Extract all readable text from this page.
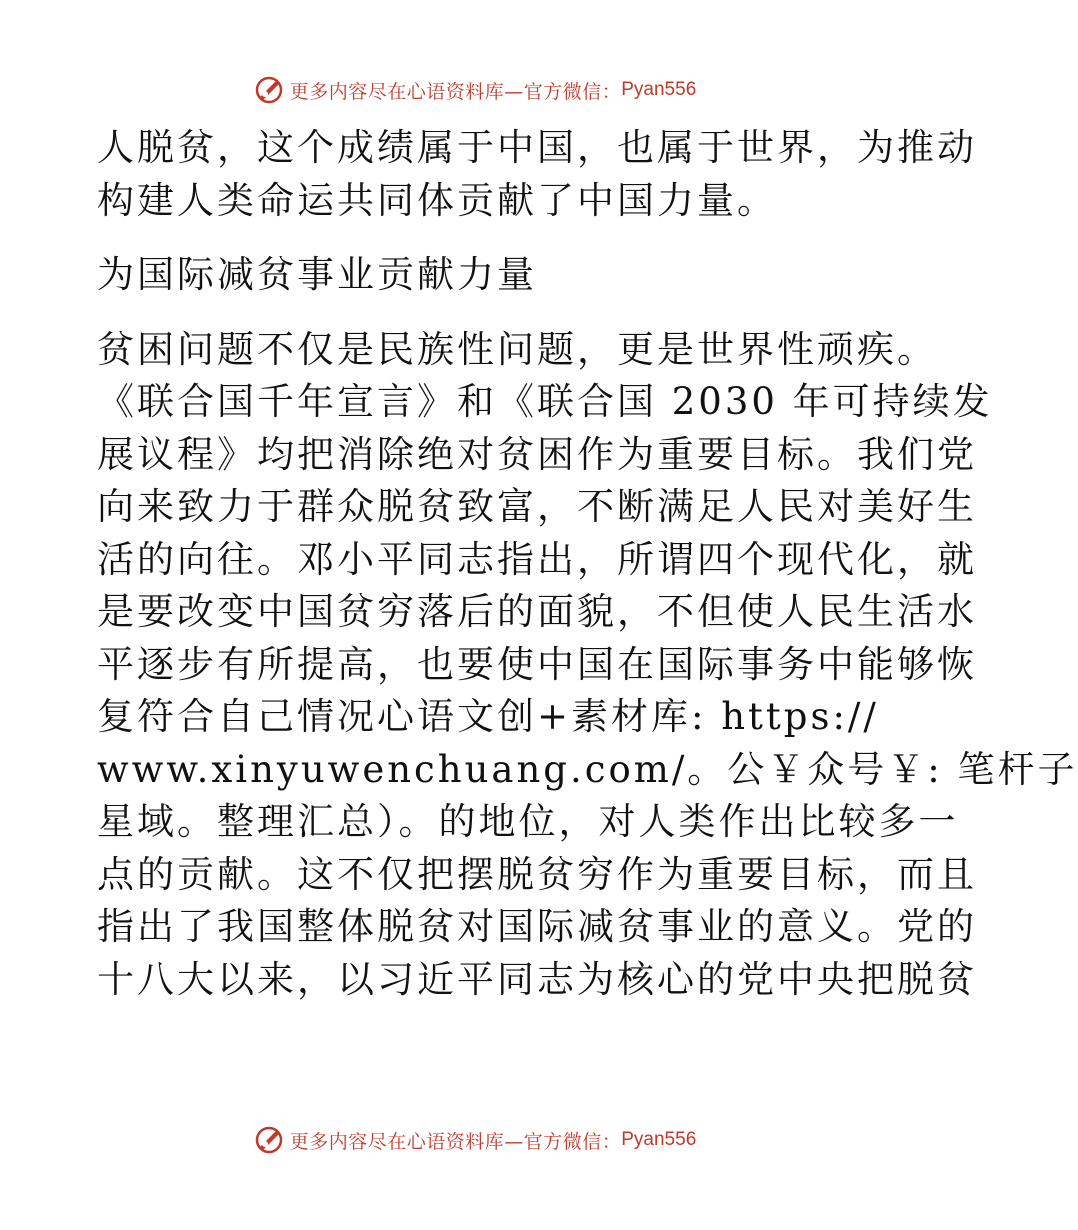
更多内容尽在心语资料库—官方微信： Pyan556
人脱贫，这个成绩属于中国，也属于世界，为推动
构建人类命运共同体贡献了中国力量。
为国际减贫事业贡献力量
贫困问题不仅是民族性问题，更是世界性顽疾。
《联合国千年宣言》和《联合国 2030 年可持续发
展议程》均把消除绝对贫困作为重要目标。我们党
向来致力于群众脱贫致富，不断满足人民对美好生
活的向往。邓小平同志指出，所谓四个现代化，就
是要改变中国贫穷落后的面貌，不但使人民生活水
平逐步有所提高，也要使中国在国际事务中能够恢
复符合自己情况心语文创+素材库: https://
www.xinyuwenchuang.com/。公￥众号￥: 笔杆子
星域。整理汇总）。的地位，对人类作出比较多一
点的贡献。这不仅把摆脱贫穷作为重要目标，而且
指出了我国整体脱贫对国际减贫事业的意义。党的
十八大以来，以习近平同志为核心的党中央把脱贫
更多内容尽在心语资料库—官方微信： Pyan556
